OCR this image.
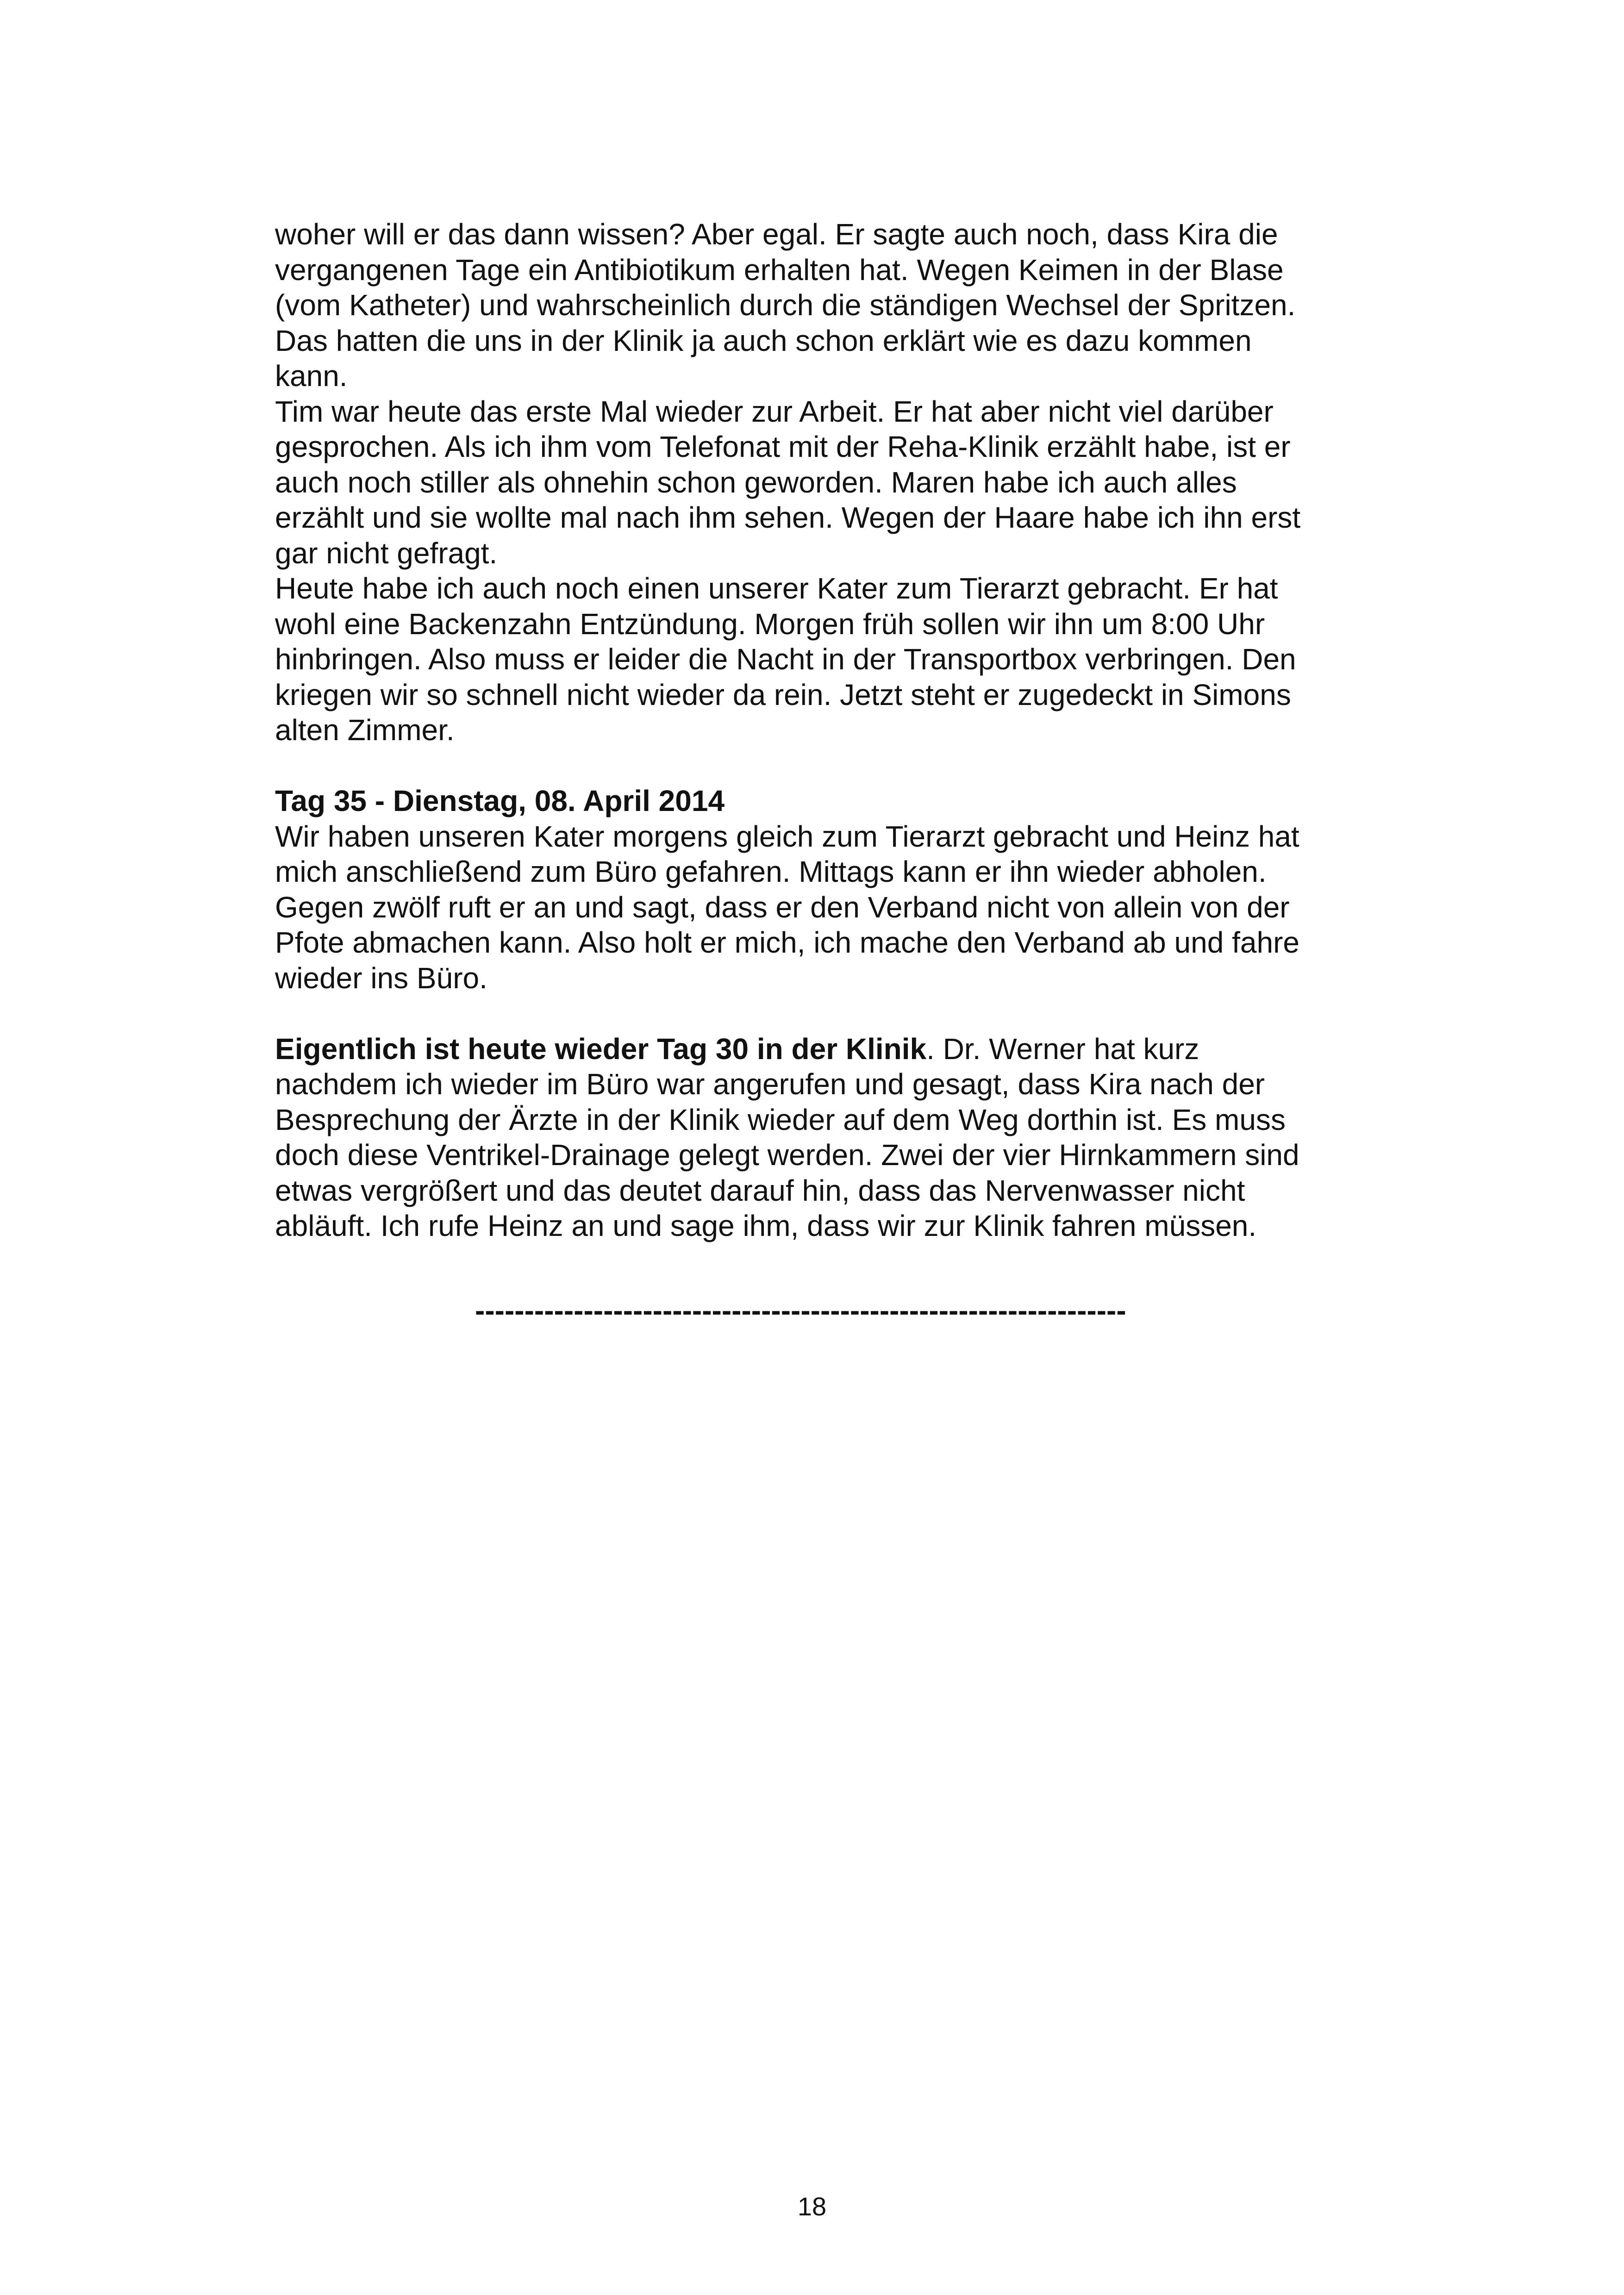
woher will er das dann wissen? Aber egal. Er sagte auch noch, dass Kira die
vergangenen Tage ein Antibiotikum erhalten hat. Wegen Keimen in der Blase
(vom Katheter) und wahrscheinlich durch die ständigen Wechsel der Spritzen.
Das hatten die uns in der Klinik ja auch schon erklärt wie es dazu kommen
kann.

Tim war heute das erste Mal wieder zur Arbeit. Er hat aber nicht viel darüber
gesprochen. Als ich ihm vom Telefonat mit der Reha-Klinik erzählt habe, ist er
auch noch stiller als ohnehin schon geworden. Maren habe ich auch alles
erzählt und sie wollte mal nach ihm sehen. Wegen der Haare habe ich ihn erst
gar nicht gefragt.

Heute habe ich auch noch einen unserer Kater zum Tierarzt gebracht. Er hat
wohl eine Backenzahn Entzündung. Morgen früh sollen wir ihn um 8:00 Uhr
hinbringen. Also muss er leider die Nacht in der Transportbox verbringen. Den
kriegen wir so schnell nicht wieder da rein. Jetzt steht er zugedeckt in Simons
alten Zimmer.

Tag 35 - Dienstag, 08. April 2014

Wir haben unseren Kater morgens gleich zum Tierarzt gebracht und Heinz hat
mich anschließend zum Büro gefahren. Mittags kann er ihn wieder abholen.
Gegen zwölf ruft er an und sagt, dass er den Verband nicht von allein von der
Pfote abmachen kann. Also holt er mich, ich mache den Verband ab und fahre
wieder ins Büro.

Eigentlich ist heute wieder Tag 30 in der Klinik. Dr. Werner hat kurz
nachdem ich wieder im Büro war angerufen und gesagt, dass Kira nach der
Besprechung der Ärzte in der Klinik wieder auf dem Weg dorthin ist. Es muss
doch diese Ventrikel-Drainage gelegt werden. Zwei der vier Hirnkammern sind
etwas vergrößert und das deutet darauf hin, dass das Nervenwasser nicht
abläuft. Ich rufe Heinz an und sage ihm, dass wir zur Klinik fahren müssen.

------------------------------------------------------------------
18
